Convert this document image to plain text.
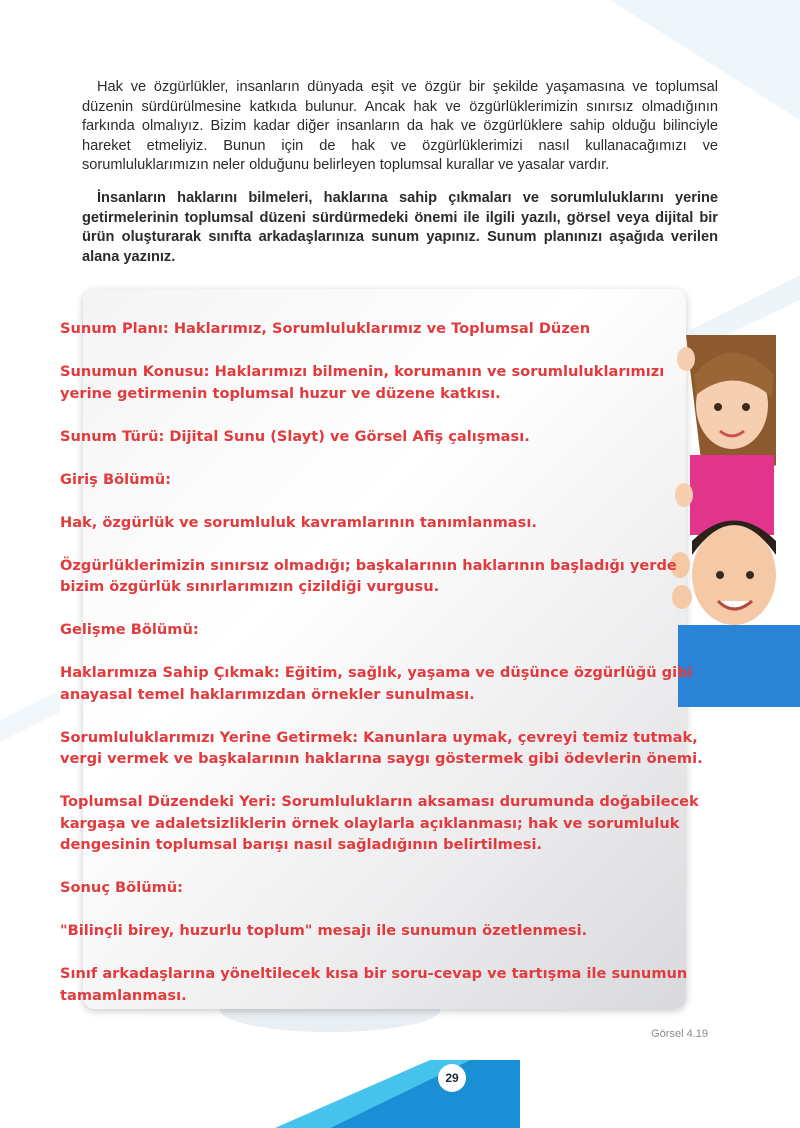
Hak ve özgürlükler, insanların dünyada eşit ve özgür bir şekilde yaşamasına ve toplumsal düzenin sürdürülmesine katkıda bulunur. Ancak hak ve özgürlüklerimizin sınırsız olmadığının farkında olmalıyız. Bizim kadar diğer insanların da hak ve özgürlüklere sahip olduğu bilinciyle hareket etmeliyiz. Bunun için de hak ve özgürlüklerimizi nasıl kullanacağımızı ve sorumluluklarımızın neler olduğunu belirleyen toplumsal kurallar ve yasalar vardır.

İnsanların haklarını bilmeleri, haklarına sahip çıkmaları ve sorumluluklarını yerine getirmelerinin toplumsal düzeni sürdürmedeki önemi ile ilgili yazılı, görsel veya dijital bir ürün oluşturarak sınıfta arkadaşlarınıza sunum yapınız. Sunum planınızı aşağıda verilen alana yazınız.

Sunum Planı: Haklarımız, Sorumluluklarımız ve Toplumsal Düzen

Sunumun Konusu: Haklarımızı bilmenin, korumanın ve sorumluluklarımızı yerine getirmenin toplumsal huzur ve düzene katkısı.

Sunum Türü: Dijital Sunu (Slayt) ve Görsel Afiş çalışması.

Giriş Bölümü:

Hak, özgürlük ve sorumluluk kavramlarının tanımlanması.

Özgürlüklerimizin sınırsız olmadığı; başkalarının haklarının başladığı yerde bizim özgürlük sınırlarımızın çizildiği vurgusu.

Gelişme Bölümü:

Haklarımıza Sahip Çıkmak: Eğitim, sağlık, yaşama ve düşünce özgürlüğü gibi anayasal temel haklarımızdan örnekler sunulması.

Sorumluluklarımızı Yerine Getirmek: Kanunlara uymak, çevreyi temiz tutmak, vergi vermek ve başkalarının haklarına saygı göstermek gibi ödevlerin önemi.

Toplumsal Düzendeki Yeri: Sorumlulukların aksaması durumunda doğabilecek kargaşa ve adaletsizliklerin örnek olaylarla açıklanması; hak ve sorumluluk dengesinin toplumsal barışı nasıl sağladığının belirtilmesi.

Sonuç Bölümü:

"Bilinçli birey, huzurlu toplum" mesajı ile sunumun özetlenmesi.

Sınıf arkadaşlarına yöneltilecek kısa bir soru-cevap ve tartışma ile sunumun tamamlanması.

Görsel 4.19
29
